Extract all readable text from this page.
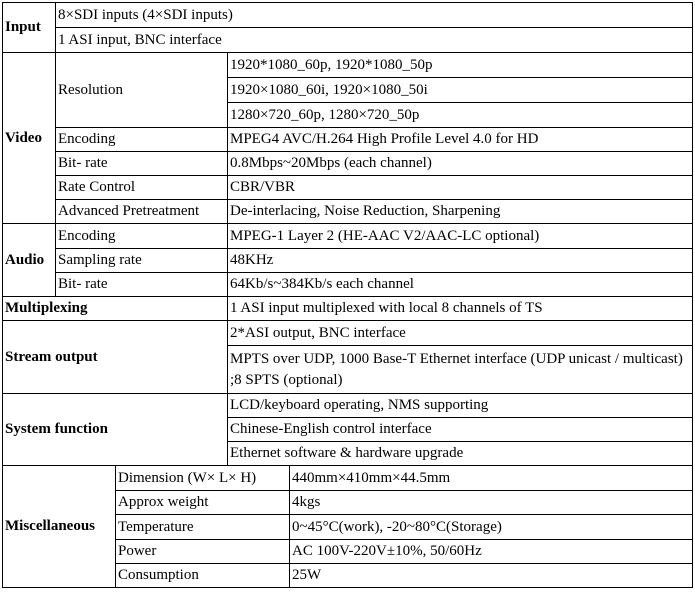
Input	8×SDI inputs (4×SDI inputs)			
	1 ASI input, BNC interface			
Video	Resolution		1920*1080_60p, 1920*1080_50p	
			1920×1080_60i, 1920×1080_50i	
			1280×720_60p, 1280×720_50p	
	Encoding		MPEG4 AVC/H.264 High Profile Level 4.0 for HD	
	Bit- rate		0.8Mbps~20Mbps (each channel)	
	Rate Control		CBR/VBR	
	Advanced Pretreatment		De-interlacing, Noise Reduction, Sharpening	
Audio	Encoding		MPEG-1 Layer 2 (HE-AAC V2/AAC-LC optional)	
	Sampling rate		48KHz	
	Bit- rate		64Kb/s~384Kb/s each channel	
Multiplexing			1 ASI input multiplexed with local 8 channels of TS	
Stream output			2*ASI output, BNC interface	
			MPTS over UDP, 1000 Base-T Ethernet interface (UDP unicast / multicast) ;8 SPTS (optional)	
System function			LCD/keyboard operating, NMS supporting	
			Chinese-English control interface	
			Ethernet software & hardware upgrade	
Miscellaneous		Dimension (W× L× H)		440mm×410mm×44.5mm
		Approx weight		4kgs
		Temperature		0~45°C(work), -20~80°C(Storage)
		Power		AC 100V-220V±10%, 50/60Hz
		Consumption		25W
